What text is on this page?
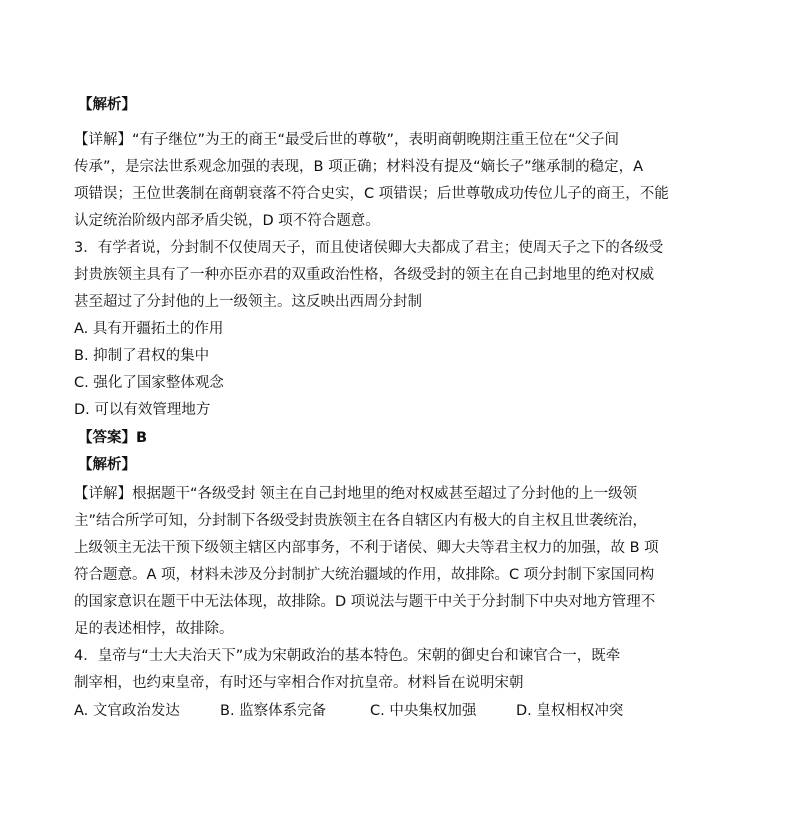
【解析】
【详解】“有子继位”为王的商王“最受后世的尊敬”，表明商朝晚期注重王位在“父子间
传承”，是宗法世系观念加强的表现，B 项正确；材料没有提及“嫡长子”继承制的稳定，A
项错误；王位世袭制在商朝衰落不符合史实，C 项错误；后世尊敬成功传位儿子的商王，不能
认定统治阶级内部矛盾尖锐，D 项不符合题意。
3．有学者说，分封制不仅使周天子，而且使诸侯卿大夫都成了君主；使周天子之下的各级受
封贵族领主具有了一种亦臣亦君的双重政治性格，各级受封的领主在自己封地里的绝对权威
甚至超过了分封他的上一级领主。这反映出西周分封制
A. 具有开疆拓土的作用
B. 抑制了君权的集中
C. 强化了国家整体观念
D. 可以有效管理地方
【答案】B
【解析】
【详解】根据题干“各级受封 领主在自己封地里的绝对权威甚至超过了分封他的上一级领
主”结合所学可知，分封制下各级受封贵族领主在各自辖区内有极大的自主权且世袭统治，
上级领主无法干预下级领主辖区内部事务，不利于诸侯、卿大夫等君主权力的加强，故 B 项
符合题意。A 项，材料未涉及分封制扩大统治疆域的作用，故排除。C 项分封制下家国同构
的国家意识在题干中无法体现，故排除。D 项说法与题干中关于分封制下中央对地方管理不
足的表述相悖，故排除。
4．皇帝与“士大夫治天下”成为宋朝政治的基本特色。宋朝的御史台和谏官合一，既牵
制宰相，也约束皇帝，有时还与宰相合作对抗皇帝。材料旨在说明宋朝
A. 文官政治发达	B. 监察体系完备	C. 中央集权加强	D. 皇权相权冲突
